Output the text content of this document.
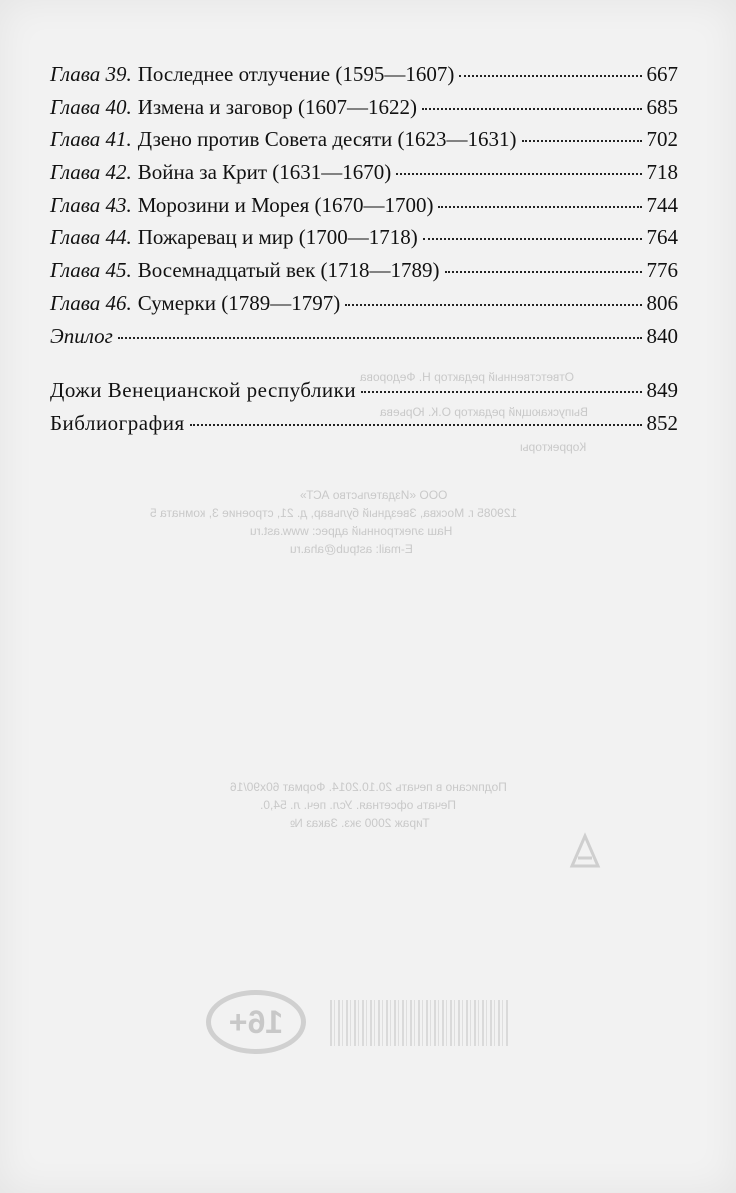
Ответственный редактор Н. Федорова
Выпускающий редактор О.К. Юрьева
Корректоры
ООО «Издательство АСТ»
129085 г. Москва, Звездный бульвар, д. 21, строение 3, комната 5
Наш электронный адрес: www.ast.ru
E-mail: astpub@aha.ru
Подписано в печать 20.10.2014. Формат 60x90/16
Печать офсетная. Усл. печ. л. 54,0.
Тираж 2000 экз. Заказ №
16+
Глава 39. Последнее отлучение (1595—1607)	667
Глава 40. Измена и заговор (1607—1622)	685
Глава 41. Дзено против Совета десяти (1623—1631)	702
Глава 42. Война за Крит (1631—1670)	718
Глава 43. Морозини и Морея (1670—1700)	744
Глава 44. Пожаревац и мир (1700—1718)	764
Глава 45. Восемнадцатый век (1718—1789)	776
Глава 46. Сумерки (1789—1797)	806
Эпилог	840
Дожи Венецианской республики	849
Библиография	852
